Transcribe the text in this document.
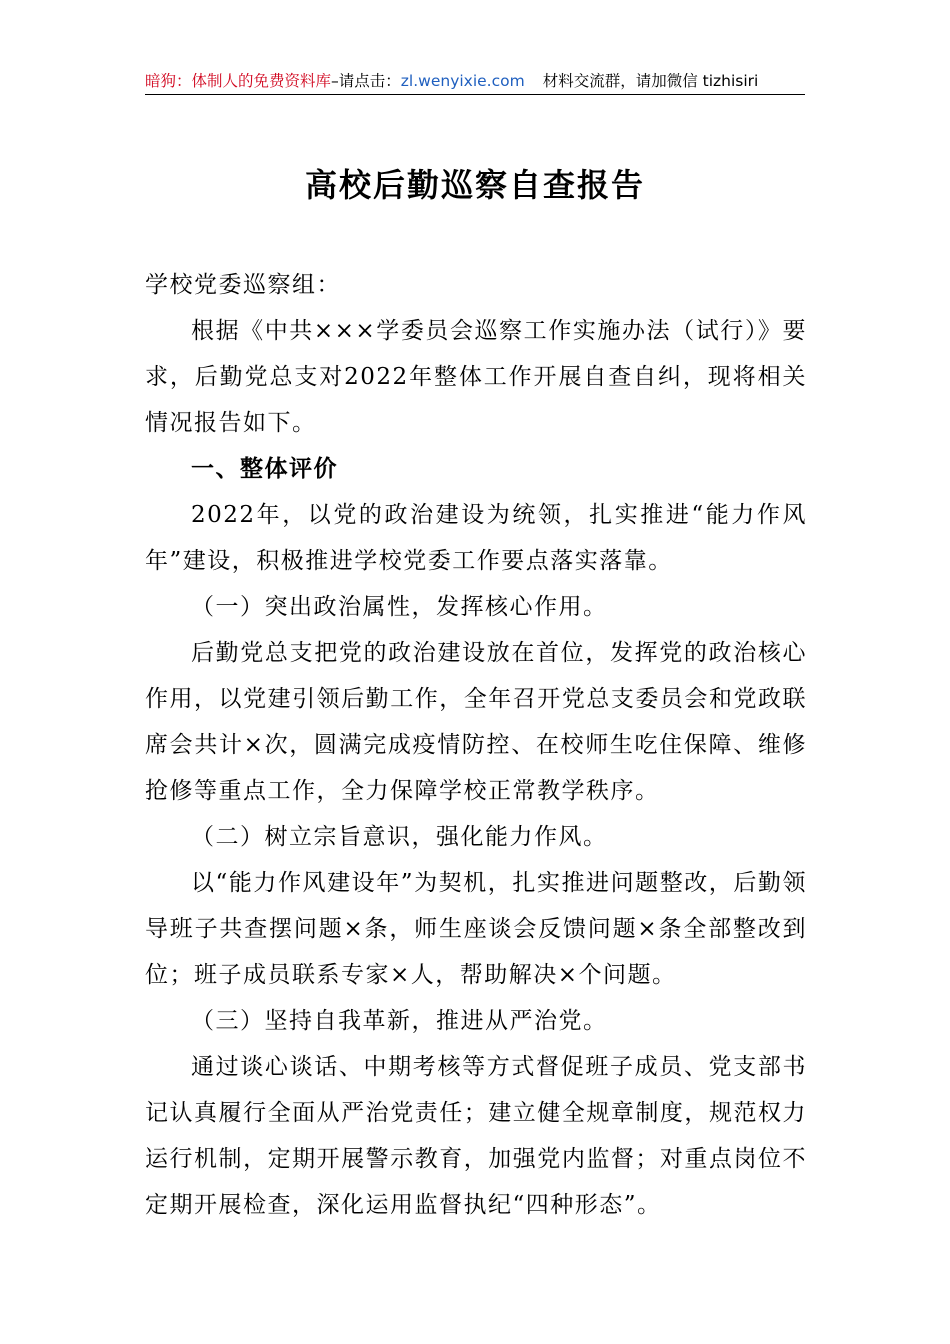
暗狗：体制人的免费资料库–请点击：zl.wenyixie.com 材料交流群，请加微信 tizhisiri
高校后勤巡察自查报告
学校党委巡察组：

根据《中共×××学委员会巡察工作实施办法（试行）》要求，后勤党总支对2022年整体工作开展自查自纠，现将相关情况报告如下。

一、整体评价

2022年，以党的政治建设为统领，扎实推进“能力作风年”建设，积极推进学校党委工作要点落实落靠。

（一）突出政治属性，发挥核心作用。

后勤党总支把党的政治建设放在首位，发挥党的政治核心作用，以党建引领后勤工作，全年召开党总支委员会和党政联席会共计×次，圆满完成疫情防控、在校师生吃住保障、维修抢修等重点工作，全力保障学校正常教学秩序。

（二）树立宗旨意识，强化能力作风。

以“能力作风建设年”为契机，扎实推进问题整改，后勤领导班子共查摆问题×条，师生座谈会反馈问题×条全部整改到位；班子成员联系专家×人，帮助解决×个问题。

（三）坚持自我革新，推进从严治党。

通过谈心谈话、中期考核等方式督促班子成员、党支部书记认真履行全面从严治党责任；建立健全规章制度，规范权力运行机制，定期开展警示教育，加强党内监督；对重点岗位不定期开展检查，深化运用监督执纪“四种形态”。
